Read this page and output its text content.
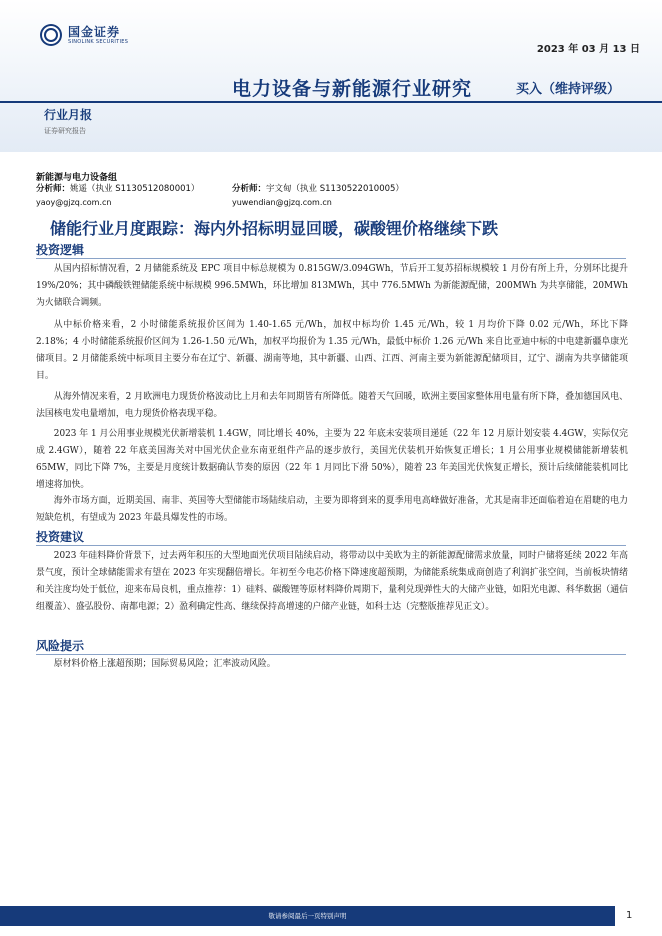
国金证券
SINOLINK SECURITIES
2023 年 03 月 13 日
电力设备与新能源行业研究	买入（维持评级）
行业月报
证券研究报告
新能源与电力设备组
分析师：姚遥（执业 S1130512080001）	分析师：宇文甸（执业 S1130522010005）
yaoy@gjzq.com.cn	yuwendian@gjzq.com.cn
储能行业月度跟踪：海内外招标明显回暖，碳酸锂价格继续下跌
投资逻辑

从国内招标情况看，2 月储能系统及 EPC 项目中标总规模为 0.815GW/3.094GWh，节后开工复苏招标规模较 1 月份有所上升，分别环比提升 19%/20%；其中磷酸铁锂储能系统中标规模 996.5MWh，环比增加 813MWh，其中 776.5MWh 为新能源配储，200MWh 为共享储能，20MWh 为火储联合调频。

从中标价格来看，2 小时储能系统报价区间为 1.40-1.65 元/Wh，加权中标均价 1.45 元/Wh，较 1 月均价下降 0.02 元/Wh，环比下降 2.18%；4 小时储能系统报价区间为 1.26-1.50 元/Wh，加权平均报价为 1.35 元/Wh，最低中标价 1.26 元/Wh 来自比亚迪中标的中电建新疆阜康光储项目。2 月储能系统中标项目主要分布在辽宁、新疆、湖南等地，其中新疆、山西、江西、河南主要为新能源配储项目，辽宁、湖南为共享储能项目。

从海外情况来看，2 月欧洲电力现货价格波动比上月和去年同期皆有所降低。随着天气回暖，欧洲主要国家整体用电量有所下降，叠加德国风电、法国核电发电量增加，电力现货价格表现平稳。

2023 年 1 月公用事业规模光伏新增装机 1.4GW，同比增长 40%，主要为 22 年底未安装项目递延（22 年 12 月原计划安装 4.4GW，实际仅完成 2.4GW），随着 22 年底美国海关对中国光伏企业东南亚组件产品的逐步放行，美国光伏装机开始恢复正增长；1 月公用事业规模储能新增装机 65MW，同比下降 7%，主要是月度统计数据确认节奏的原因（22 年 1 月同比下滑 50%），随着 23 年美国光伏恢复正增长，预计后续储能装机同比增速将加快。

海外市场方面，近期美国、南非、英国等大型储能市场陆续启动，主要为即将到来的夏季用电高峰做好准备，尤其是南非还面临着迫在眉睫的电力短缺危机，有望成为 2023 年最具爆发性的市场。

投资建议

2023 年硅料降价背景下，过去两年积压的大型地面光伏项目陆续启动，将带动以中美欧为主的新能源配储需求放量，同时户储将延续 2022 年高景气度，预计全球储能需求有望在 2023 年实现翻倍增长。年初至今电芯价格下降速度超预期，为储能系统集成商创造了利润扩张空间，当前板块情绪和关注度均处于低位，迎来布局良机，重点推荐：1）硅料、碳酸锂等原材料降价周期下，量利兑现弹性大的大储产业链，如阳光电源、科华数据（通信组覆盖）、盛弘股份、南都电源；2）盈利确定性高、继续保持高增速的户储产业链，如科士达（完整版推荐见正文）。

风险提示

原材料价格上涨超预期；国际贸易风险；汇率波动风险。

敬请参阅最后一页特别声明	1
